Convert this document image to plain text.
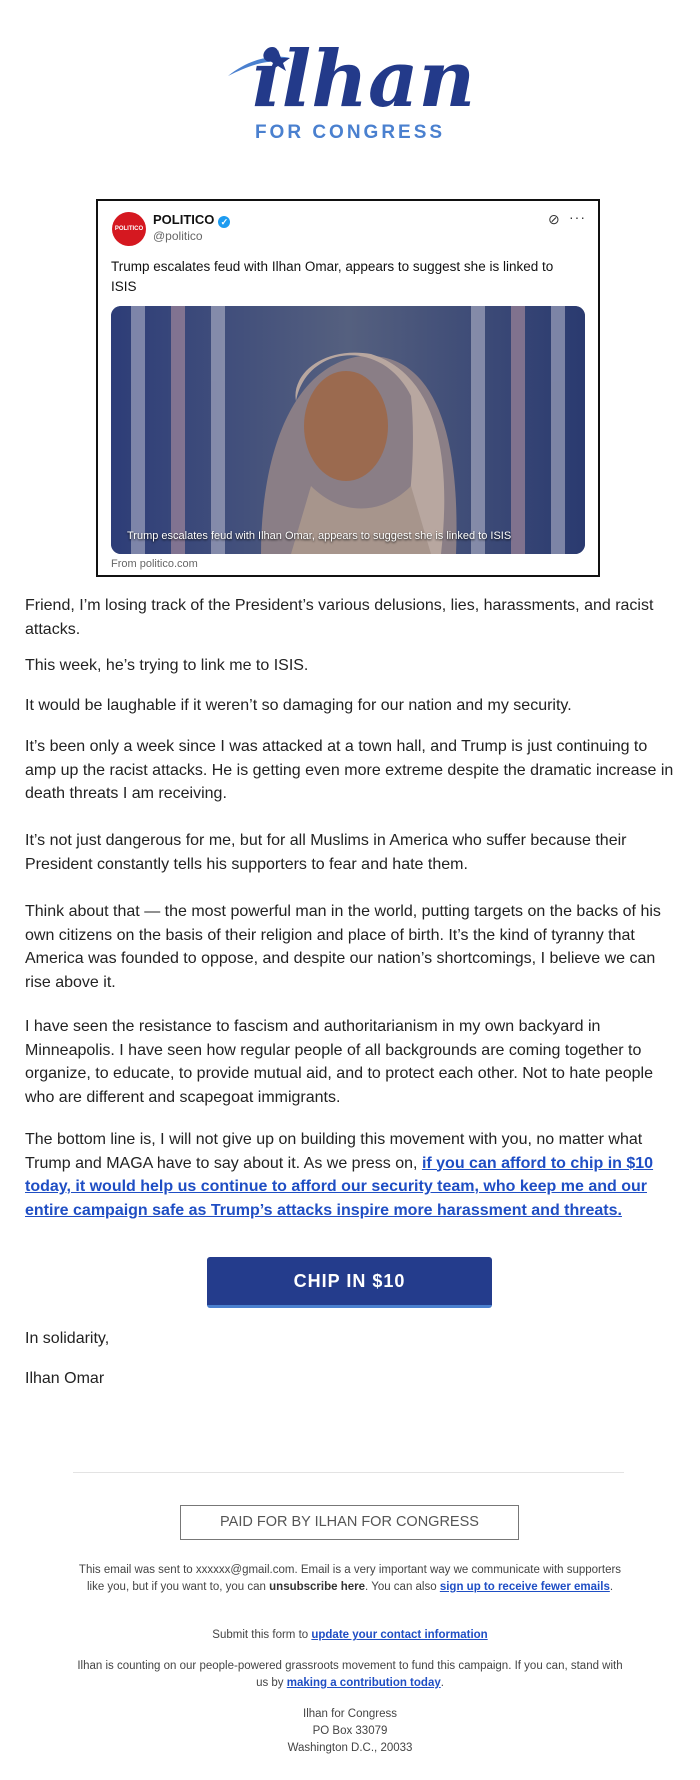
ilhan
FOR CONGRESS
POLITICO
POLITICO ✓
@politico
⊘ ···
Trump escalates feud with Ilhan Omar, appears to suggest she is linked to ISIS
Trump escalates feud with Ilhan Omar, appears to suggest she is linked to ISIS
From politico.com

Friend, I’m losing track of the President’s various delusions, lies, harassments, and racist attacks.

This week, he’s trying to link me to ISIS.

It would be laughable if it weren’t so damaging for our nation and my security.

It’s been only a week since I was attacked at a town hall, and Trump is just continuing to amp up the racist attacks. He is getting even more extreme despite the dramatic increase in death threats I am receiving.

It’s not just dangerous for me, but for all Muslims in America who suffer because their President constantly tells his supporters to fear and hate them.

Think about that — the most powerful man in the world, putting targets on the backs of his own citizens on the basis of their religion and place of birth. It’s the kind of tyranny that America was founded to oppose, and despite our nation’s shortcomings, I believe we can rise above it.

I have seen the resistance to fascism and authoritarianism in my own backyard in Minneapolis. I have seen how regular people of all backgrounds are coming together to organize, to educate, to provide mutual aid, and to protect each other. Not to hate people who are different and scapegoat immigrants.

The bottom line is, I will not give up on building this movement with you, no matter what Trump and MAGA have to say about it. As we press on, if you can afford to chip in $10 today, it would help us continue to afford our security team, who keep me and our entire campaign safe as Trump’s attacks inspire more harassment and threats.

CHIP IN $10

In solidarity,

Ilhan Omar

PAID FOR BY ILHAN FOR CONGRESS
This email was sent to xxxxxx@gmail.com. Email is a very important way we communicate with supporters like you, but if you want to, you can unsubscribe here. You can also sign up to receive fewer emails.
Submit this form to update your contact information
Ilhan is counting on our people-powered grassroots movement to fund this campaign. If you can, stand with us by making a contribution today.
Ilhan for Congress
PO Box 33079
Washington D.C., 20033
